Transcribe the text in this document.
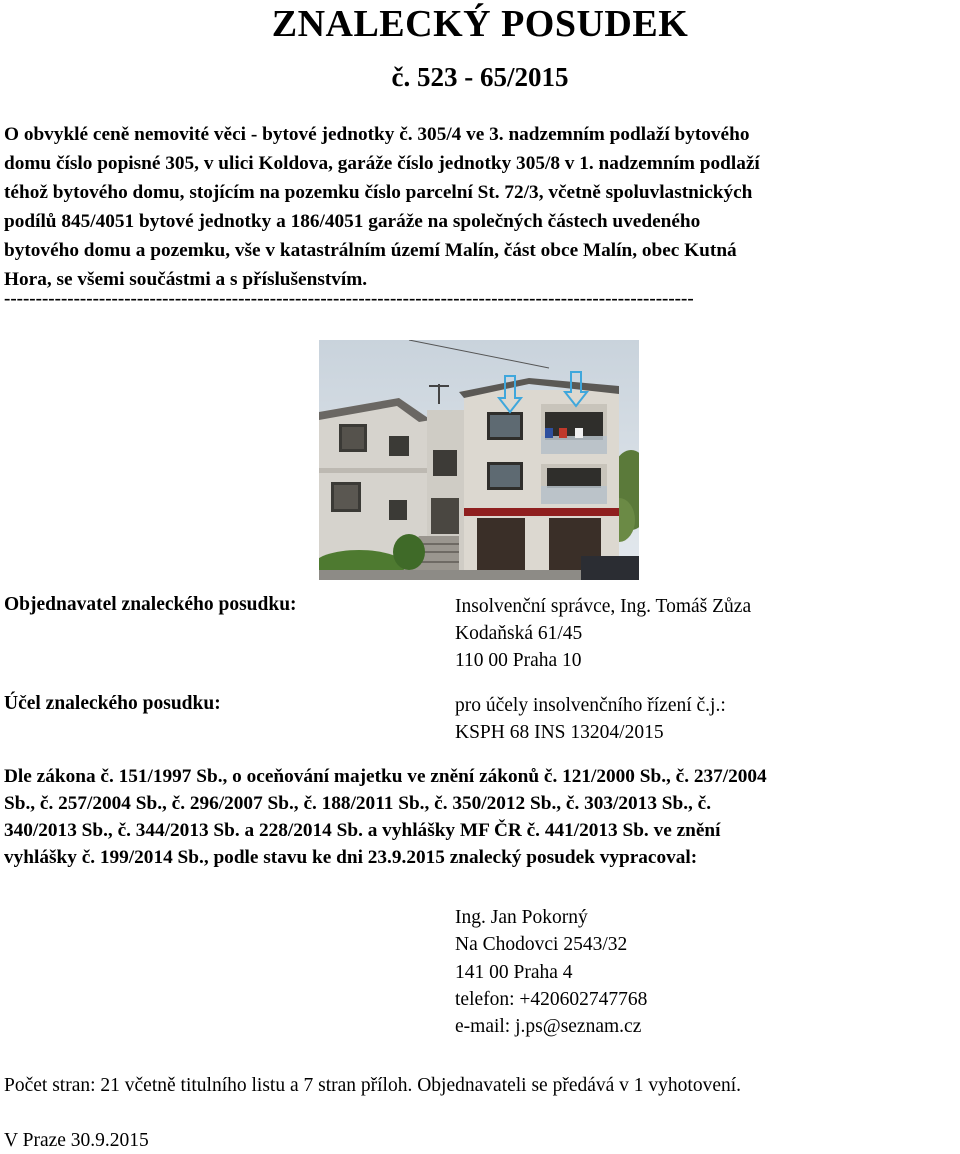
ZNALECKÝ POSUDEK
č. 523 - 65/2015
O obvyklé ceně nemovité věci - bytové jednotky č. 305/4 ve 3. nadzemním podlaží bytového
domu číslo popisné 305, v ulici Koldova, garáže číslo jednotky 305/8 v 1. nadzemním podlaží
téhož bytového domu, stojícím na pozemku číslo parcelní St. 72/3, včetně spoluvlastnických
podílů 845/4051 bytové jednotky a 186/4051 garáže na společných částech uvedeného
bytového domu a pozemku, vše v katastrálním území Malín, část obce Malín, obec Kutná
Hora, se všemi součástmi a s příslušenstvím.
-------------------------------------------------------------------------------------------------------------
Objednavatel znaleckého posudku:	Insolvenční správce, Ing. Tomáš Zůza
Kodaňská 61/45
110 00 Praha 10
Účel znaleckého posudku:	pro účely insolvenčního řízení č.j.:
KSPH 68 INS 13204/2015
Dle zákona č. 151/1997 Sb., o oceňování majetku ve znění zákonů č. 121/2000 Sb., č. 237/2004
Sb., č. 257/2004 Sb., č. 296/2007 Sb., č. 188/2011 Sb., č. 350/2012 Sb., č. 303/2013 Sb., č.
340/2013 Sb., č. 344/2013 Sb. a 228/2014 Sb. a vyhlášky MF ČR č. 441/2013 Sb. ve znění
vyhlášky č. 199/2014 Sb., podle stavu ke dni 23.9.2015 znalecký posudek vypracoval:
Ing. Jan Pokorný
Na Chodovci 2543/32
141 00 Praha 4
telefon: +420602747768
e-mail: j.ps@seznam.cz
Počet stran: 21 včetně titulního listu a 7 stran příloh. Objednavateli se předává v 1 vyhotovení.
V Praze 30.9.2015
